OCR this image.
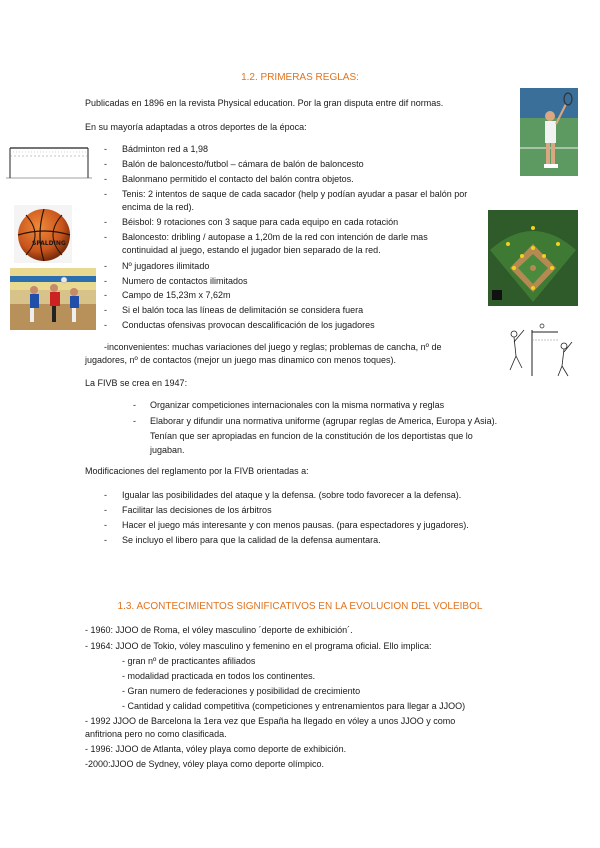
1.2. PRIMERAS REGLAS:
Publicadas en 1896 en la revista Physical education. Por la gran disputa entre dif normas.
En su mayoría adaptadas a otros deportes de la época:
- Bádminton red a 1,98
- Balón de baloncesto/futbol – cámara de balón de baloncesto
- Balonmano permitido el contacto del balón contra objetos.
- Tenis: 2 intentos de saque de cada sacador (help y podían ayudar a pasar el balón por
encima de la red).
- Béisbol: 9 rotaciones con 3 saque para cada equipo en cada rotación
- Baloncesto: dribling / autopase a 1,20m de la red con intención de darle mas
continuidad al juego, estando el jugador bien separado de la red.
- Nº jugadores ilimitado
- Numero de contactos ilimitados
- Campo de 15,23m x 7,62m
- Si el balón toca las líneas de delimitación se considera fuera
- Conductas ofensivas provocan descalificación de los jugadores
-inconvenientes: muchas variaciones del juego y reglas; problemas de cancha, nº de
jugadores, nº de contactos (mejor un juego mas dinamico con menos toques).
La FIVB se crea en 1947:
- Organizar competiciones internacionales con la misma normativa y reglas
- Elaborar y difundir una normativa uniforme (agrupar reglas de America, Europa y Asia).
Tenían que ser apropiadas en funcion de la constitución de los deportistas que lo
jugaban.
Modificaciones del reglamento por la FIVB orientadas a:
- Igualar las posibilidades del ataque y la defensa. (sobre todo favorecer a la defensa).
- Facilitar las decisiones de los árbitros
- Hacer el juego más interesante y con menos pausas. (para espectadores y jugadores).
- Se incluyo el libero para que la calidad de la defensa aumentara.
1.3. ACONTECIMIENTOS SIGNIFICATIVOS EN LA EVOLUCION DEL VOLEIBOL
- 1960: JJOO de Roma, el vóley masculino ´deporte de exhibición´.
- 1964: JJOO de Tokio, vóley masculino y femenino en el programa oficial. Ello implica:
- gran nº de practicantes afiliados
- modalidad practicada en todos los continentes.
- Gran numero de federaciones y posibilidad de crecimiento
- Cantidad y calidad competitiva (competiciones y entrenamientos para llegar a JJOO)
- 1992 JJOO de Barcelona la 1era vez que España ha llegado en vóley a unos JJOO y como
anfitriona pero no como clasificada.
- 1996: JJOO de Atlanta, vóley playa como deporte de exhibición.
-2000:JJOO de Sydney, vóley playa como deporte olímpico.
SPALDING
